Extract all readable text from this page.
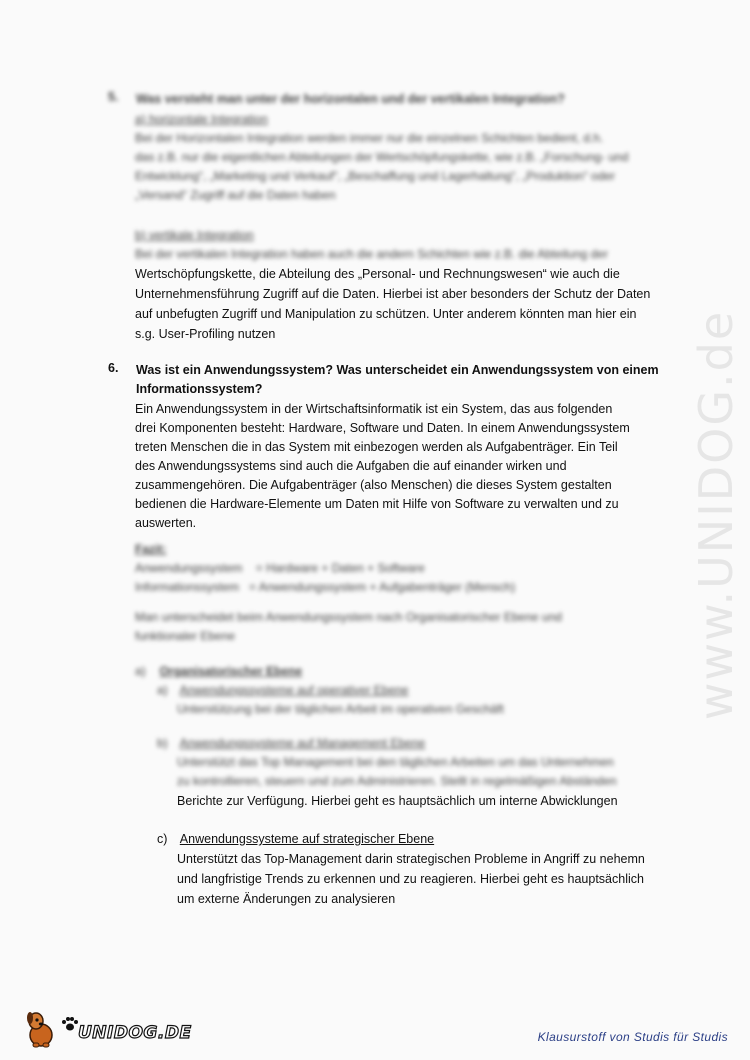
5.	Was versteht man unter der horizontalen und der vertikalen Integration?
a) horizontale Integration
Bei der Horizontalen Integration werden immer nur die einzelnen Schichten bedient, d.h.
das z.B. nur die eigentlichen Abteilungen der Wertschöpfungskette, wie z.B. „Forschung- und
Entwicklung“, „Marketing und Verkauf“, „Beschaffung und Lagerhaltung“, „Produktion“ oder
„Versand“ Zugriff auf die Daten haben
b) vertikale Integration
Bei der vertikalen Integration haben auch die andern Schichten wie z.B. die Abteilung der
Wertschöpfungskette, die Abteilung des „Personal- und Rechnungswesen“ wie auch die
Unternehmensführung Zugriff auf die Daten. Hierbei ist aber besonders der Schutz der Daten
auf unbefugten Zugriff und Manipulation zu schützen. Unter anderem könnten man hier ein
s.g. User-Profiling nutzen
6.	Was ist ein Anwendungssystem? Was unterscheidet ein Anwendungssystem von einem
Informationssystem?
Ein Anwendungssystem in der Wirtschaftsinformatik ist ein System, das aus folgenden
drei Komponenten besteht: Hardware, Software und Daten. In einem Anwendungssystem
treten Menschen die in das System mit einbezogen werden als Aufgabenträger. Ein Teil
des Anwendungssystems sind auch die Aufgaben die auf einander wirken und
zusammengehören. Die Aufgabenträger (also Menschen) die dieses System gestalten
bedienen die Hardware-Elemente um Daten mit Hilfe von Software zu verwalten und zu
auswerten.
Fazit:
Anwendungssystem    = Hardware + Daten + Software
Informationssystem   = Anwendungssystem + Aufgabenträger (Mensch)
Man unterscheidet beim Anwendungssystem nach Organisatorischer Ebene und
funktionaler Ebene
a) Organisatorischer Ebene
a) Anwendungssysteme auf operativer Ebene
Unterstützung bei der täglichen Arbeit im operativen Geschäft
b) Anwendungssysteme auf Management Ebene
Unterstützt das Top Management bei den täglichen Arbeiten um das Unternehmen
zu kontrollieren, steuern und zum Administrieren. Stellt in regelmäßigen Abständen
Berichte zur Verfügung. Hierbei geht es hauptsächlich um interne Abwicklungen
c) Anwendungssysteme auf strategischer Ebene
Unterstützt das Top-Management darin strategischen Probleme in Angriff zu nehemn
und langfristige Trends zu erkennen und zu reagieren. Hierbei geht es hauptsächlich
um externe Änderungen zu analysieren
www.UNIDOG.de
UNIDOG.DE	Klausurstoff von Studis für Studis
